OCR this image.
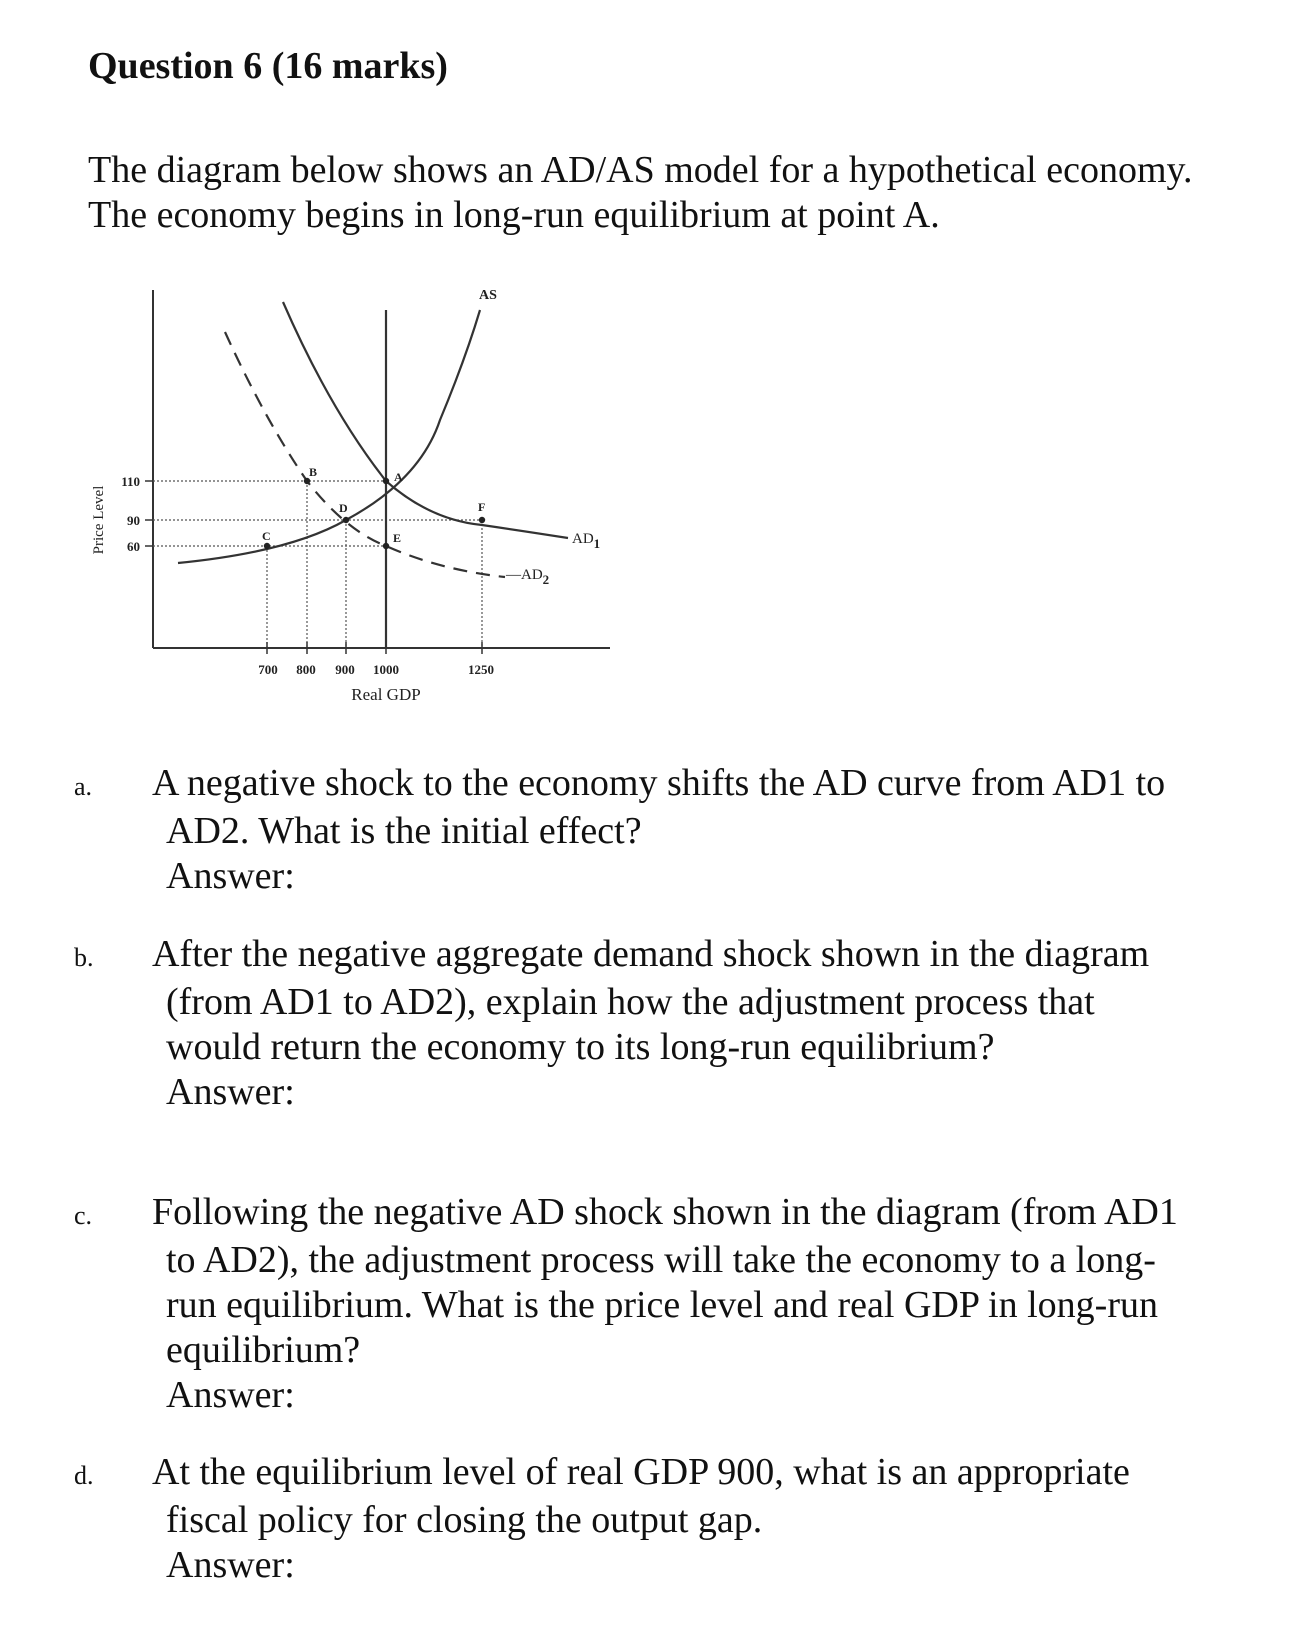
Question 6 (16 marks)

The diagram below shows an AD/AS model for a hypothetical economy. The economy begins in long-run equilibrium at point A.

Price Level
110
90
60
700 800 900 1000	1250
Real GDP
AS
AD1
—AD2
A
B
C
D
E
F
a. A negative shock to the economy shifts the AD curve from AD1 to AD2. What is the initial effect?
Answer:
b. After the negative aggregate demand shock shown in the diagram (from AD1 to AD2), explain how the adjustment process that would return the economy to its long-run equilibrium?
Answer:
c. Following the negative AD shock shown in the diagram (from AD1 to AD2), the adjustment process will take the economy to a long-run equilibrium. What is the price level and real GDP in long-run equilibrium?
Answer:
d. At the equilibrium level of real GDP 900, what is an appropriate fiscal policy for closing the output gap.
Answer:
